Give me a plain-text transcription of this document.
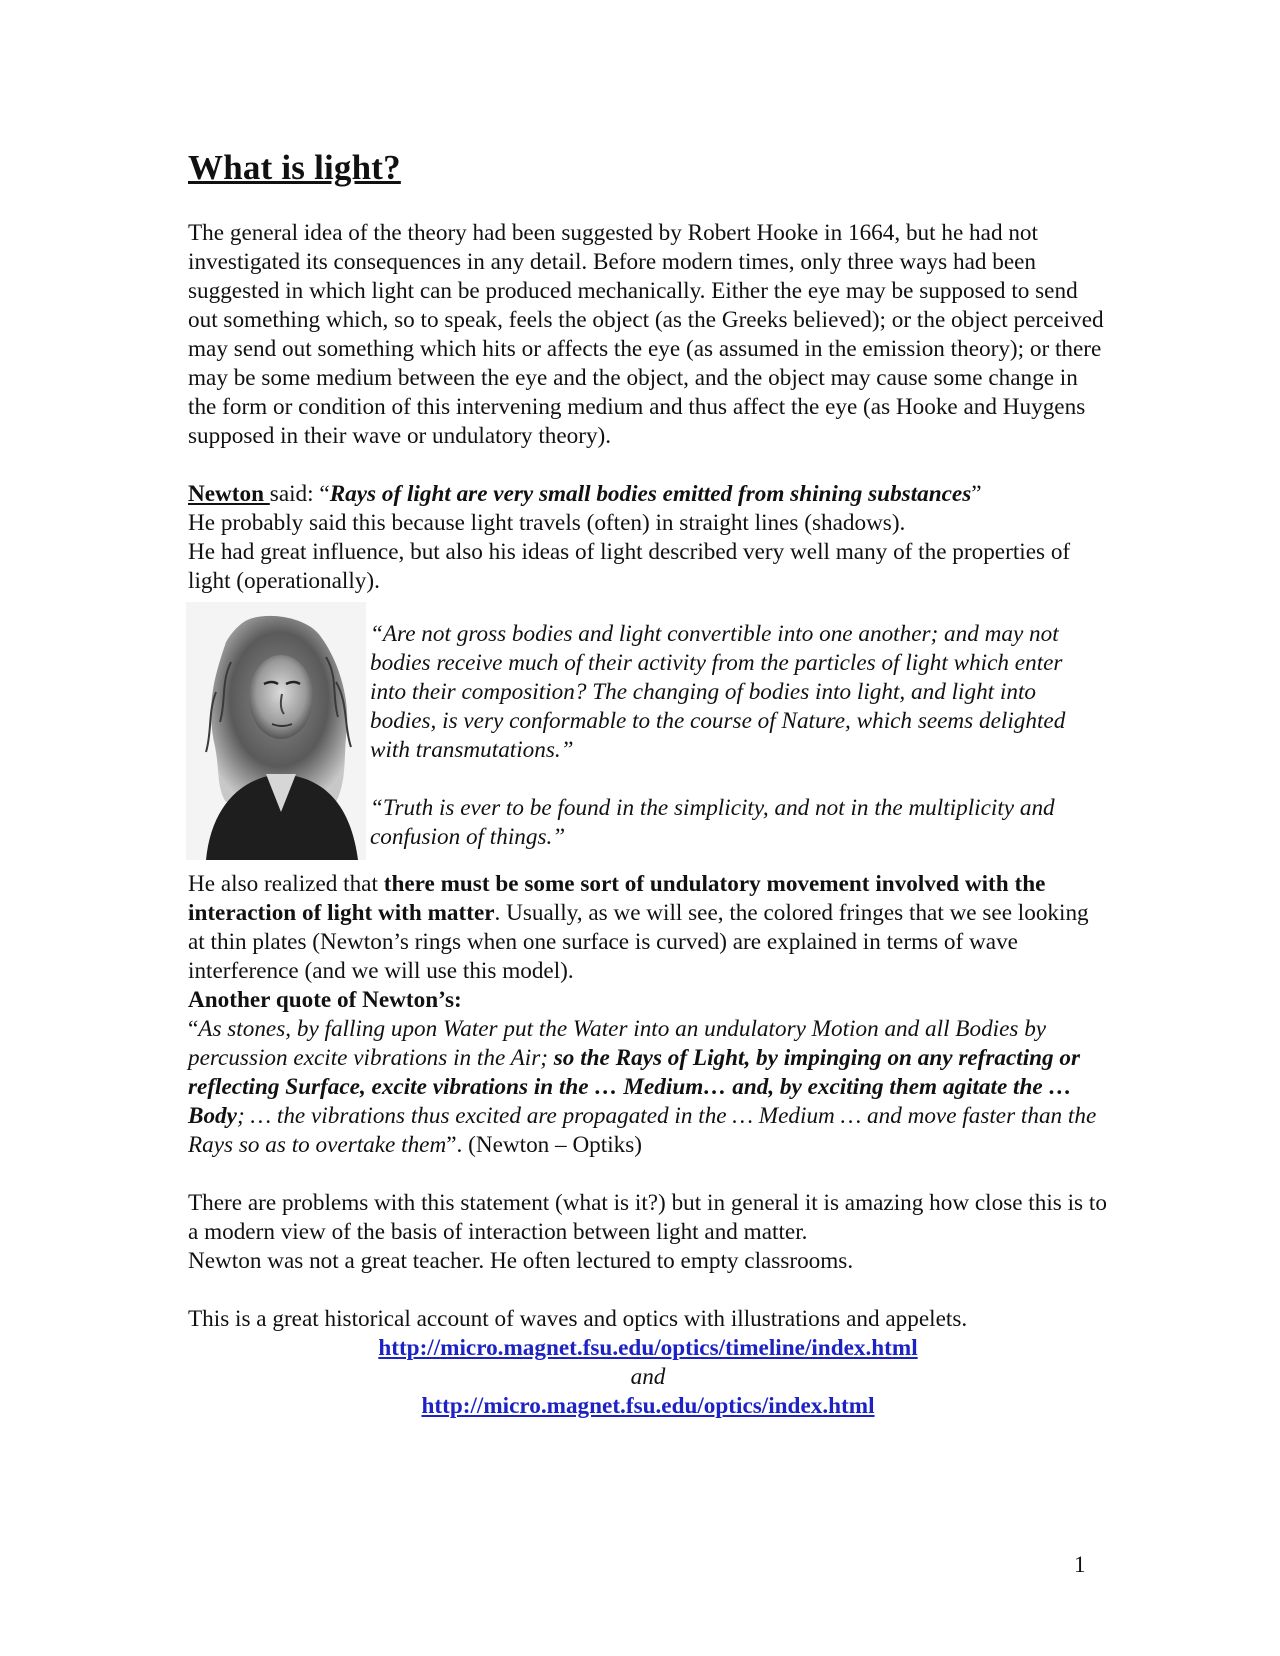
What is light?

The general idea of the theory had been suggested by Robert Hooke in 1664, but he had not investigated its consequences in any detail. Before modern times, only three ways had been suggested in which light can be produced mechanically. Either the eye may be supposed to send out something which, so to speak, feels the object (as the Greeks believed); or the object perceived may send out something which hits or affects the eye (as assumed in the emission theory); or there may be some medium between the eye and the object, and the object may cause some change in the form or condition of this intervening medium and thus affect the eye (as Hooke and Huygens supposed in their wave or undulatory theory).

Newton said: “Rays of light are very small bodies emitted from shining substances”

He probably said this because light travels (often) in straight lines (shadows).

He had great influence, but also his ideas of light described very well many of the properties of light (operationally).

“Are not gross bodies and light convertible into one another; and may not bodies receive much of their activity from the particles of light which enter into their composition? The changing of bodies into light, and light into bodies, is very conformable to the course of Nature, which seems delighted with transmutations.”

“Truth is ever to be found in the simplicity, and not in the multiplicity and confusion of things.”

He also realized that there must be some sort of undulatory movement involved with the interaction of light with matter. Usually, as we will see, the colored fringes that we see looking at thin plates (Newton’s rings when one surface is curved) are explained in terms of wave interference (and we will use this model).

Another quote of Newton’s:

“As stones, by falling upon Water put the Water into an undulatory Motion and all Bodies by percussion excite vibrations in the Air; so the Rays of Light, by impinging on any refracting or reflecting Surface, excite vibrations in the … Medium… and, by exciting them agitate the … Body; … the vibrations thus excited are propagated in the … Medium … and move faster than the Rays so as to overtake them”. (Newton – Optiks)

There are problems with this statement (what is it?) but in general it is amazing how close this is to a modern view of the basis of interaction between light and matter.

Newton was not a great teacher. He often lectured to empty classrooms.

This is a great historical account of waves and optics with illustrations and appelets.

http://micro.magnet.fsu.edu/optics/timeline/index.html

and

http://micro.magnet.fsu.edu/optics/index.html

1
